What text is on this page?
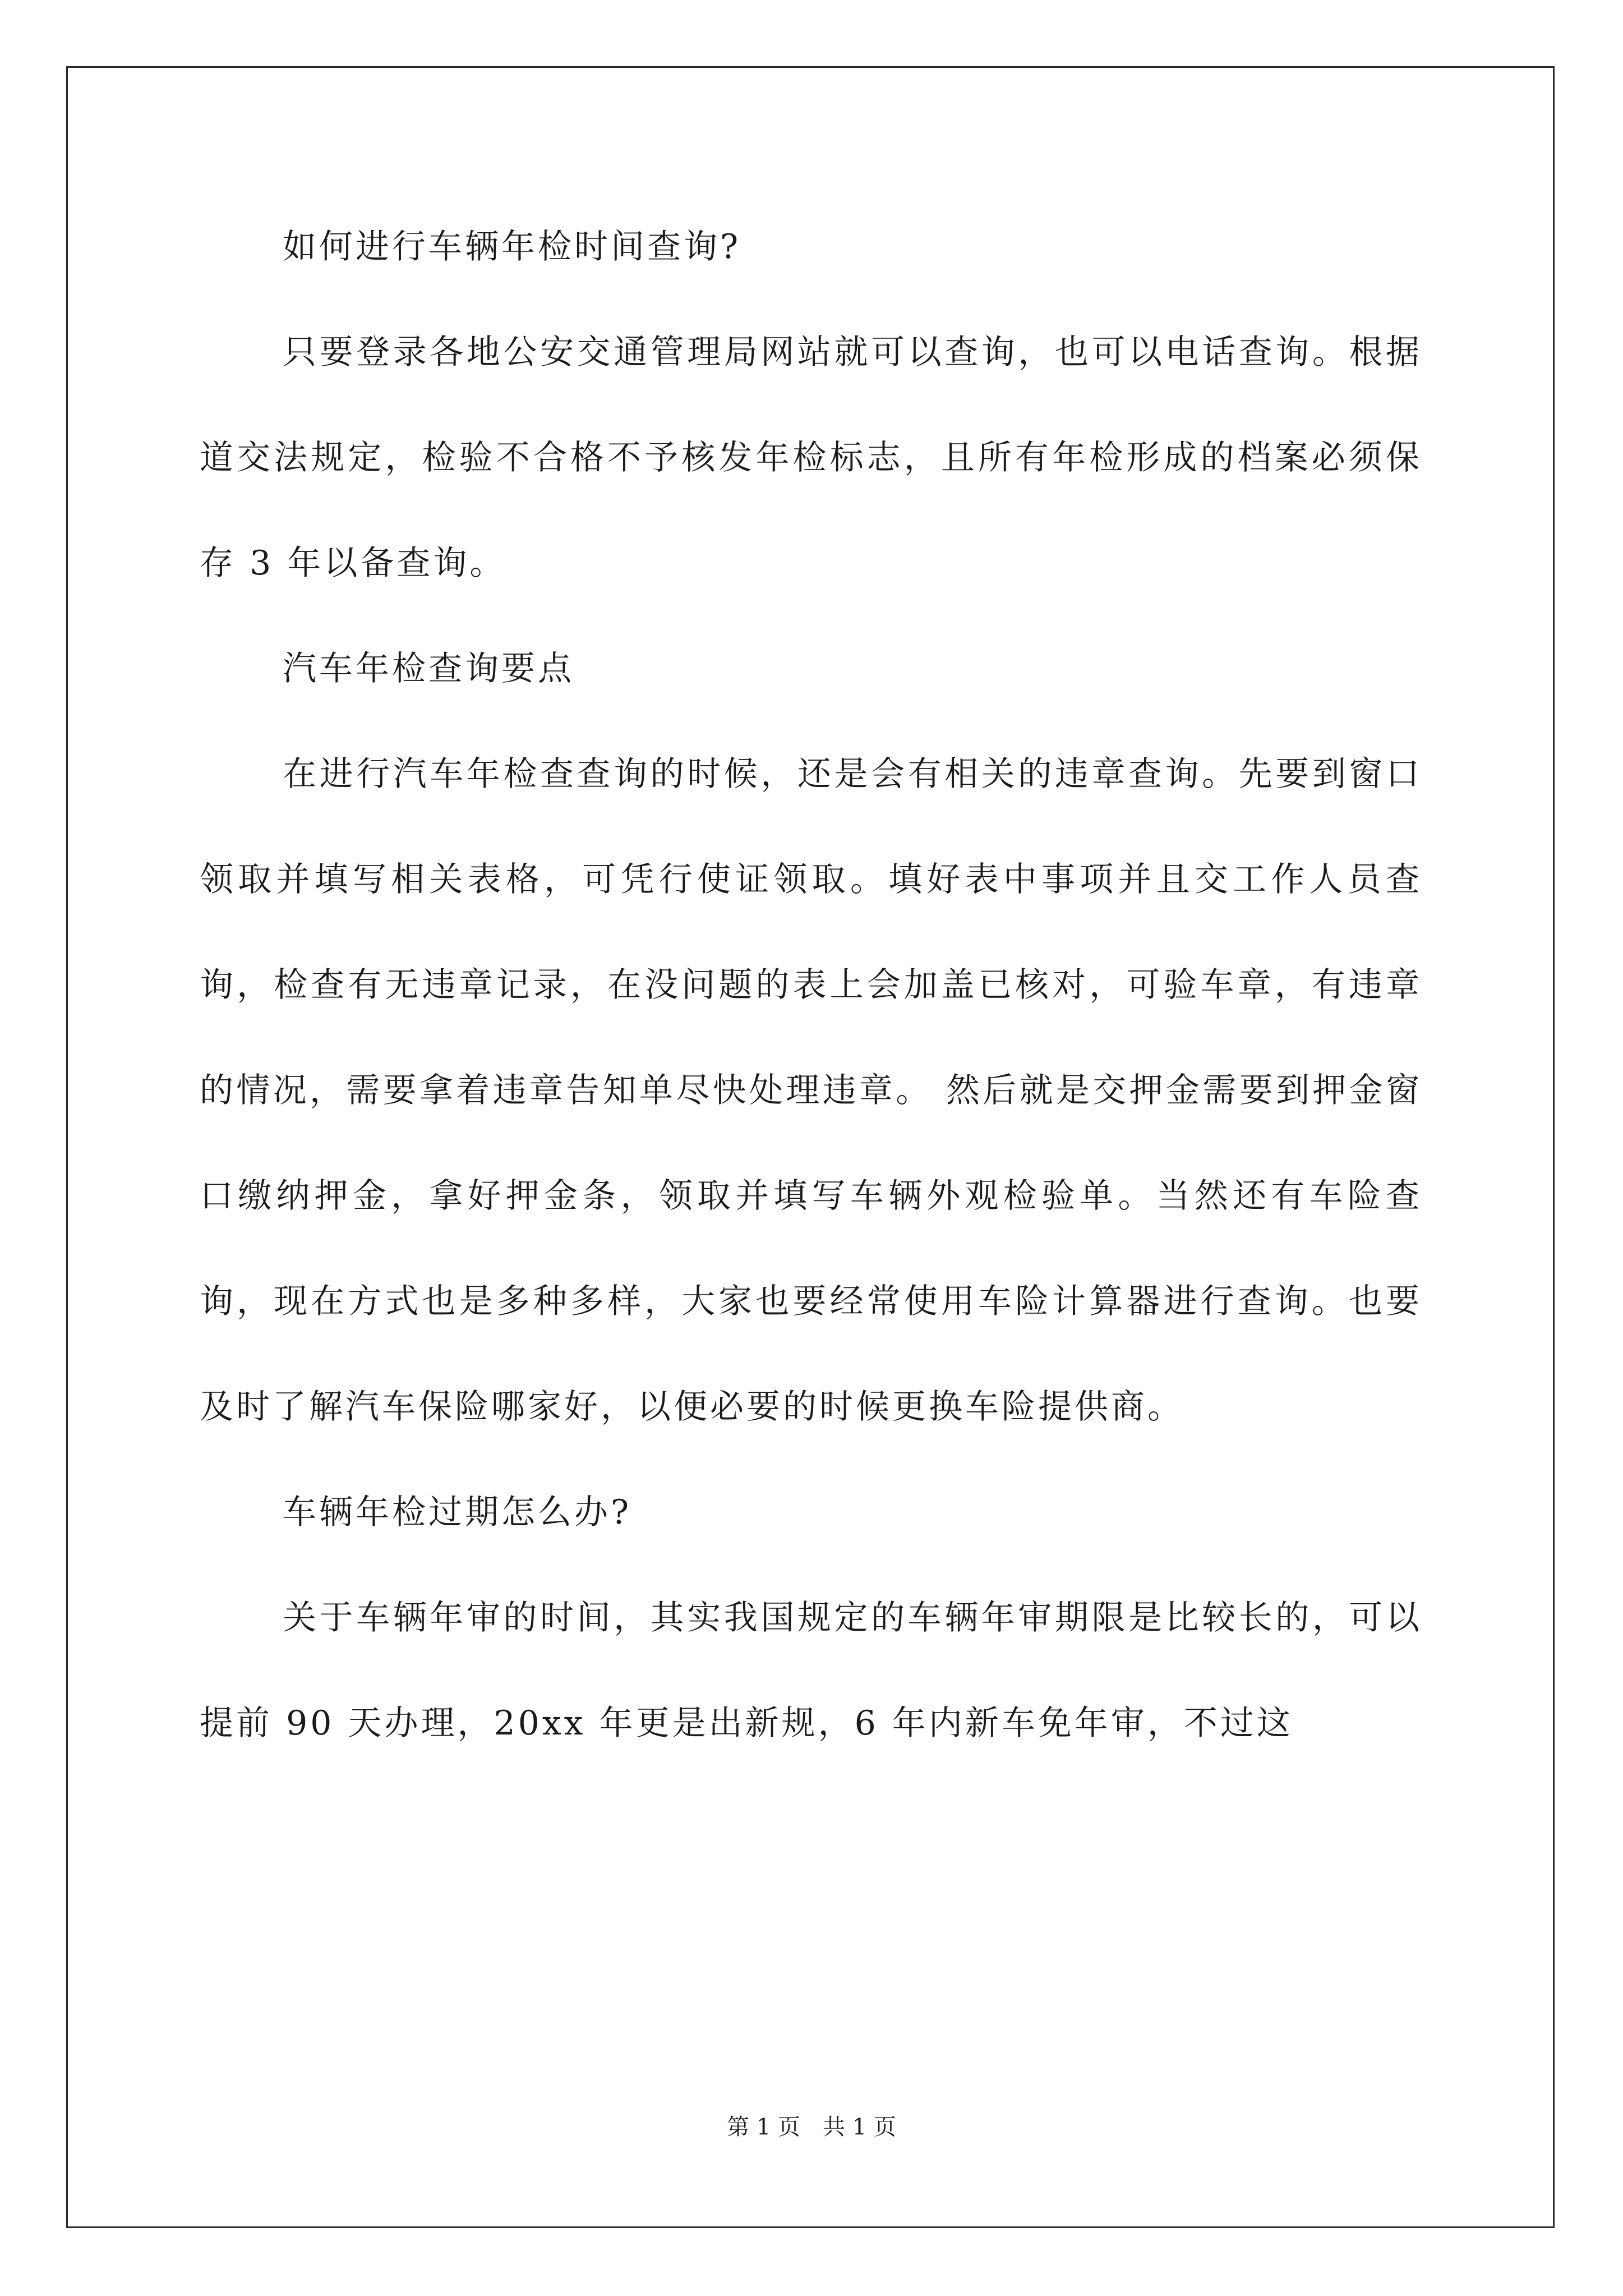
如何进行车辆年检时间查询?

只要登录各地公安交通管理局网站就可以查询，也可以电话查询。根据道交法规定，检验不合格不予核发年检标志，且所有年检形成的档案必须保存 3 年以备查询。

汽车年检查询要点

在进行汽车年检查查询的时候，还是会有相关的违章查询。先要到窗口领取并填写相关表格，可凭行使证领取。填好表中事项并且交工作人员查询，检查有无违章记录，在没问题的表上会加盖已核对，可验车章，有违章的情况，需要拿着违章告知单尽快处理违章。 然后就是交押金需要到押金窗口缴纳押金，拿好押金条，领取并填写车辆外观检验单。当然还有车险查询，现在方式也是多种多样，大家也要经常使用车险计算器进行查询。也要及时了解汽车保险哪家好，以便必要的时候更换车险提供商。

车辆年检过期怎么办?

关于车辆年审的时间，其实我国规定的车辆年审期限是比较长的，可以提前 90 天办理，20xx 年更是出新规，6 年内新车免年审，不过这

第 1 页 共 1 页
